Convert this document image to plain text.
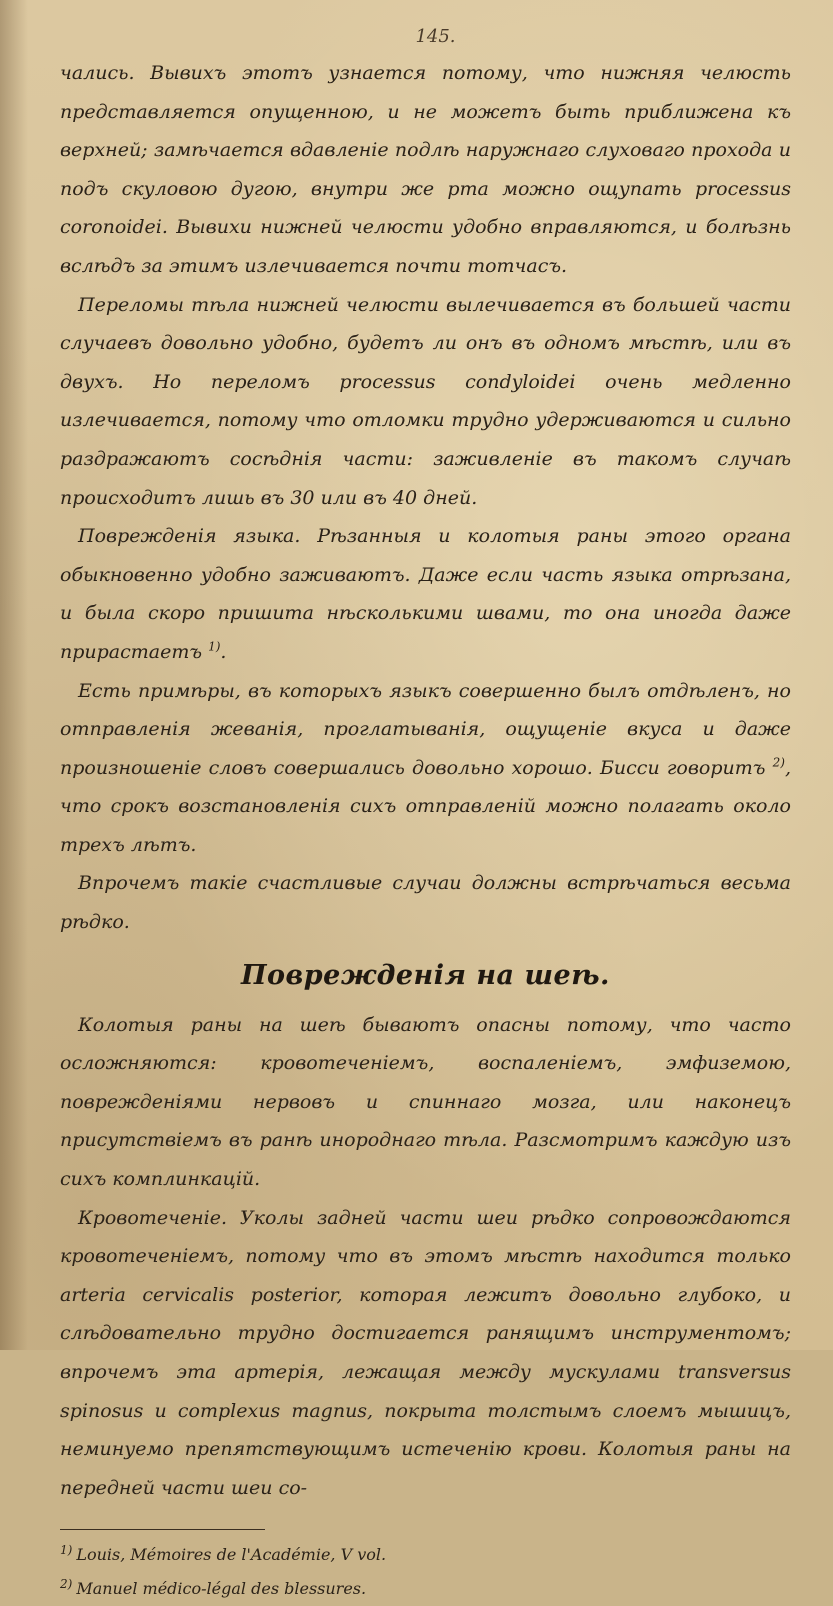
145.

чались. Вывихъ этотъ узнается потому, что нижняя челюсть представляется опущенною, и не можетъ быть приближена къ верхней; замѣчается вдавленіе подлѣ наружнаго слуховаго прохода и подъ скуловою дугою, внутри же рта можно ощупать processus coronoidei. Вывихи нижней челюсти удобно вправляются, и болѣзнь вслѣдъ за этимъ излечивается почти тотчасъ.

Переломы тѣла нижней челюсти вылечивается въ большей части случаевъ довольно удобно, будетъ ли онъ въ одномъ мѣстѣ, или въ двухъ. Но переломъ processus condyloidei очень медленно излечивается, потому что отломки трудно удерживаются и сильно раздражаютъ сосѣднія части: заживленіе въ такомъ случаѣ происходитъ лишь въ 30 или въ 40 дней.

Поврежденія языка. Рѣзанныя и колотыя раны этого органа обыкновенно удобно заживаютъ. Даже если часть языка отрѣзана, и была скоро пришита нѣсколькими швами, то она иногда даже прирастаетъ $^{1)}$.

Есть примѣры, въ которыхъ языкъ совершенно былъ отдѣленъ, но отправленія жеванія, проглатыванія, ощущеніе вкуса и даже произношеніе словъ совершались довольно хорошо. Бисси говоритъ $^{2)}$, что срокъ возстановленія сихъ отправленій можно полагать около трехъ лѣтъ.

Впрочемъ такіе счастливые случаи должны встрѣчаться весьма рѣдко.

Поврежденія на шеѣ.

Колотыя раны на шеѣ бываютъ опасны потому, что часто осложняются: кровотеченіемъ, воспаленіемъ, эмфиземою, поврежденіями нервовъ и спиннаго мозга, или наконецъ присутствіемъ въ ранѣ инороднаго тѣла. Разсмотримъ каждую изъ сихъ комплинкацій.

Кровотеченіе. Уколы задней части шеи рѣдко сопровождаются кровотеченіемъ, потому что въ этомъ мѣстѣ находится только arteria cervicalis posterior, которая лежитъ довольно глубоко, и слѣдовательно трудно достигается ранящимъ инструментомъ; впрочемъ эта артерія, лежащая между мускулами transversus spinosus и complexus magnus, покрыта толстымъ слоемъ мышицъ, неминуемо препятствующимъ истеченію крови. Колотыя раны на передней части шеи со-

$^{1)}$ Louis, Mémoires de l'Académie, V vol.
$^{2)}$ Manuel médico-légal des blessures.
